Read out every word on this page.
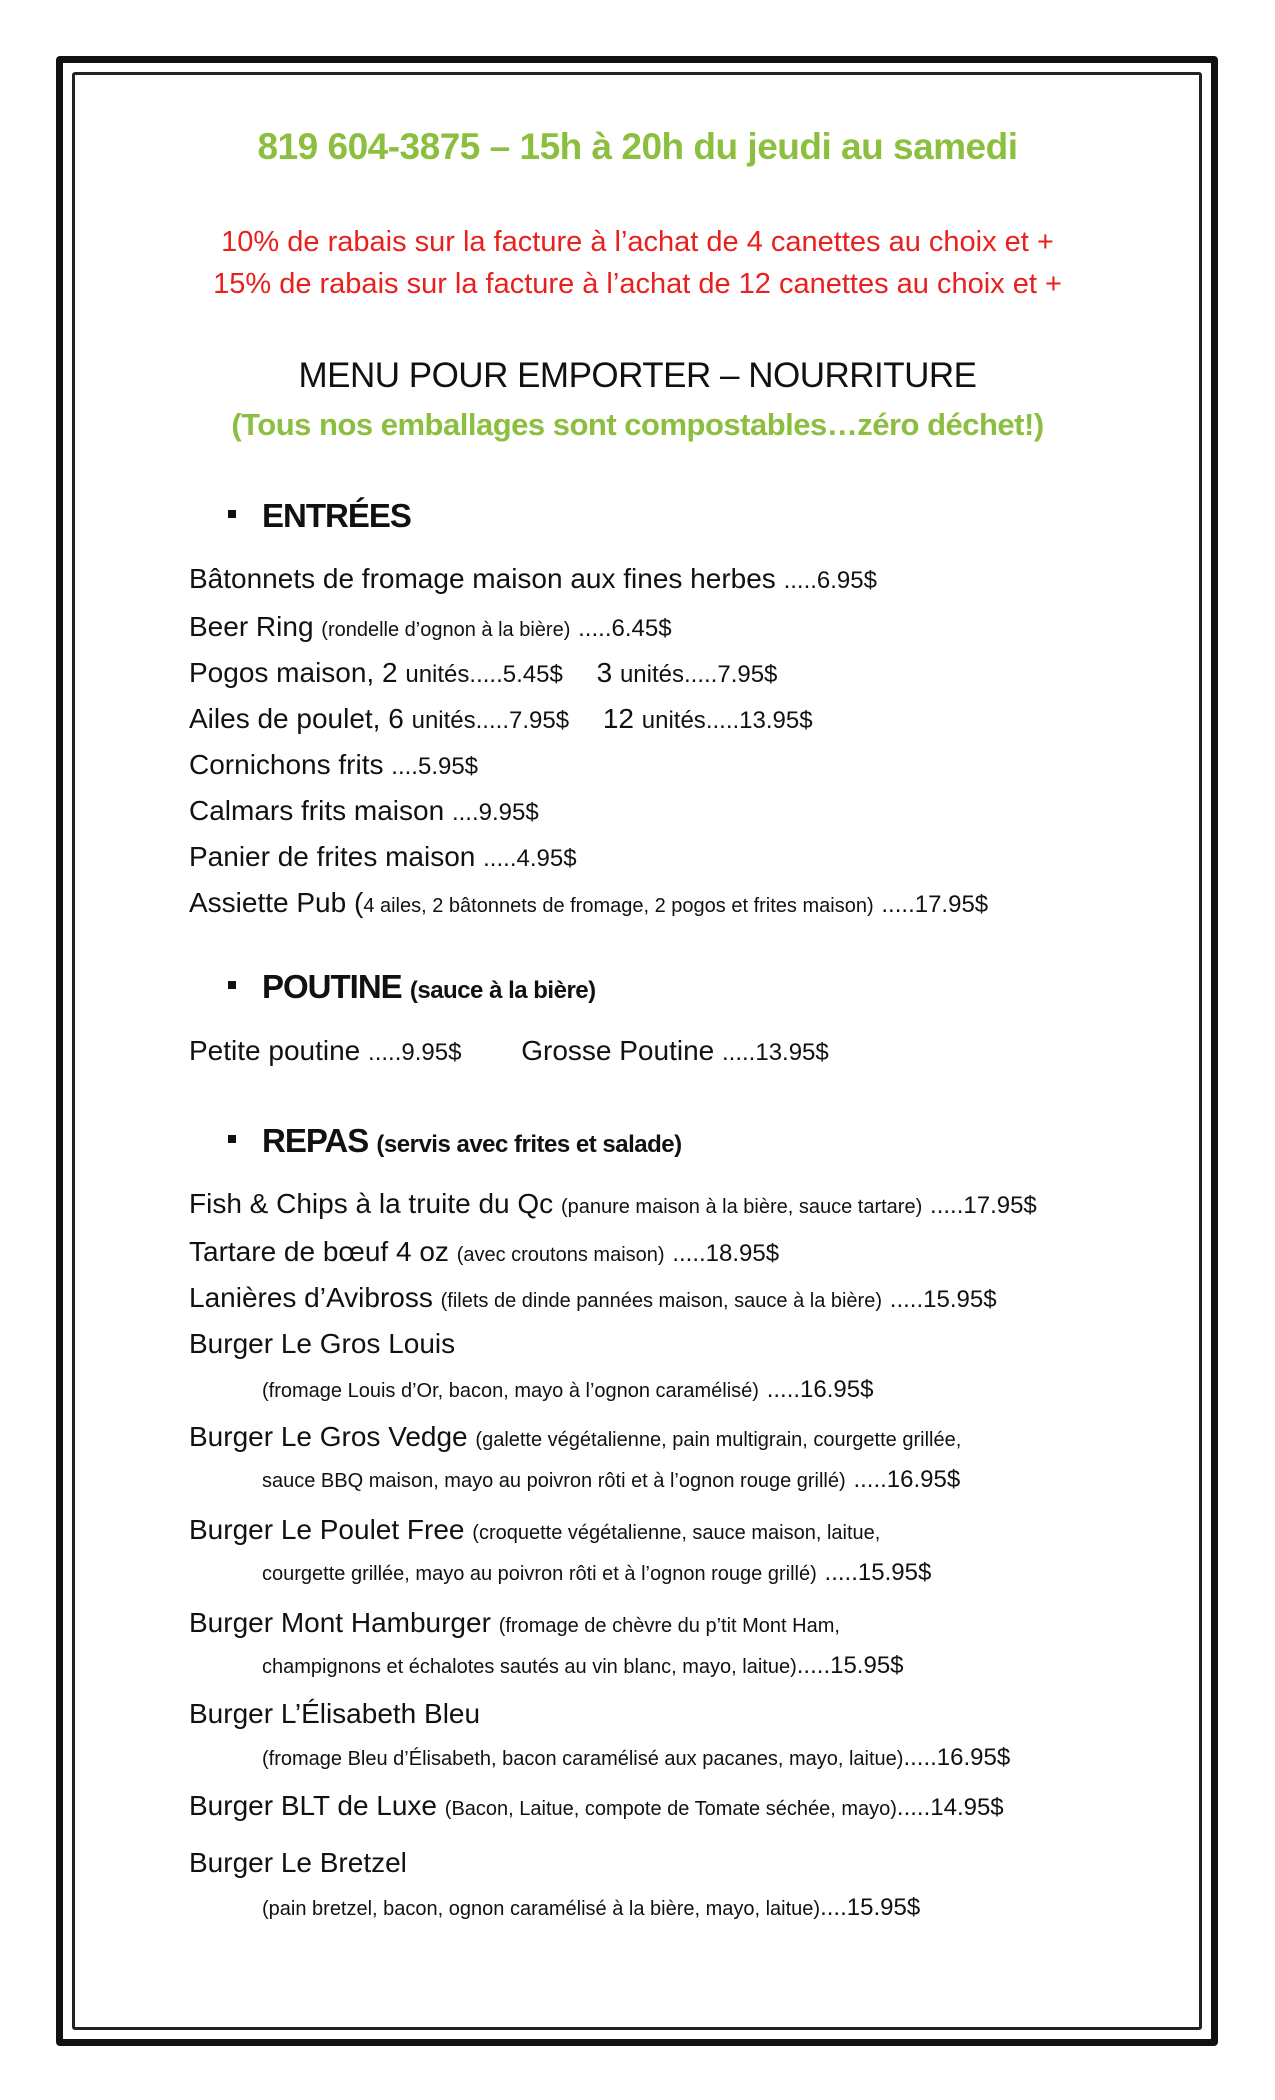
819 604-3875 – 15h à 20h du jeudi au samedi
10% de rabais sur la facture à l’achat de 4 canettes au choix et +
15% de rabais sur la facture à l’achat de 12 canettes au choix et +
MENU POUR EMPORTER – NOURRITURE
(Tous nos emballages sont compostables…zéro déchet!)
ENTRÉES
Bâtonnets de fromage maison aux fines herbes .....6.95$
Beer Ring (rondelle d’ognon à la bière) .....6.45$
Pogos maison, 2 unités.....5.45$ 3 unités.....7.95$
Ailes de poulet, 6 unités.....7.95$ 12 unités.....13.95$
Cornichons frits ....5.95$
Calmars frits maison ....9.95$
Panier de frites maison .....4.95$
Assiette Pub (4 ailes, 2 bâtonnets de fromage, 2 pogos et frites maison) .....17.95$
POUTINE (sauce à la bière)
Petite poutine .....9.95$ Grosse Poutine .....13.95$
REPAS (servis avec frites et salade)
Fish & Chips à la truite du Qc (panure maison à la bière, sauce tartare) .....17.95$
Tartare de bœuf 4 oz (avec croutons maison) .....18.95$
Lanières d’Avibross (filets de dinde pannées maison, sauce à la bière) .....15.95$
Burger Le Gros Louis
(fromage Louis d’Or, bacon, mayo à l’ognon caramélisé) .....16.95$
Burger Le Gros Vedge (galette végétalienne, pain multigrain, courgette grillée,
sauce BBQ maison, mayo au poivron rôti et à l’ognon rouge grillé) .....16.95$
Burger Le Poulet Free (croquette végétalienne, sauce maison, laitue,
courgette grillée, mayo au poivron rôti et à l’ognon rouge grillé) .....15.95$
Burger Mont Hamburger (fromage de chèvre du p’tit Mont Ham,
champignons et échalotes sautés au vin blanc, mayo, laitue).....15.95$
Burger L’Élisabeth Bleu
(fromage Bleu d’Élisabeth, bacon caramélisé aux pacanes, mayo, laitue).....16.95$
Burger BLT de Luxe (Bacon, Laitue, compote de Tomate séchée, mayo).....14.95$
Burger Le Bretzel
(pain bretzel, bacon, ognon caramélisé à la bière, mayo, laitue)....15.95$
